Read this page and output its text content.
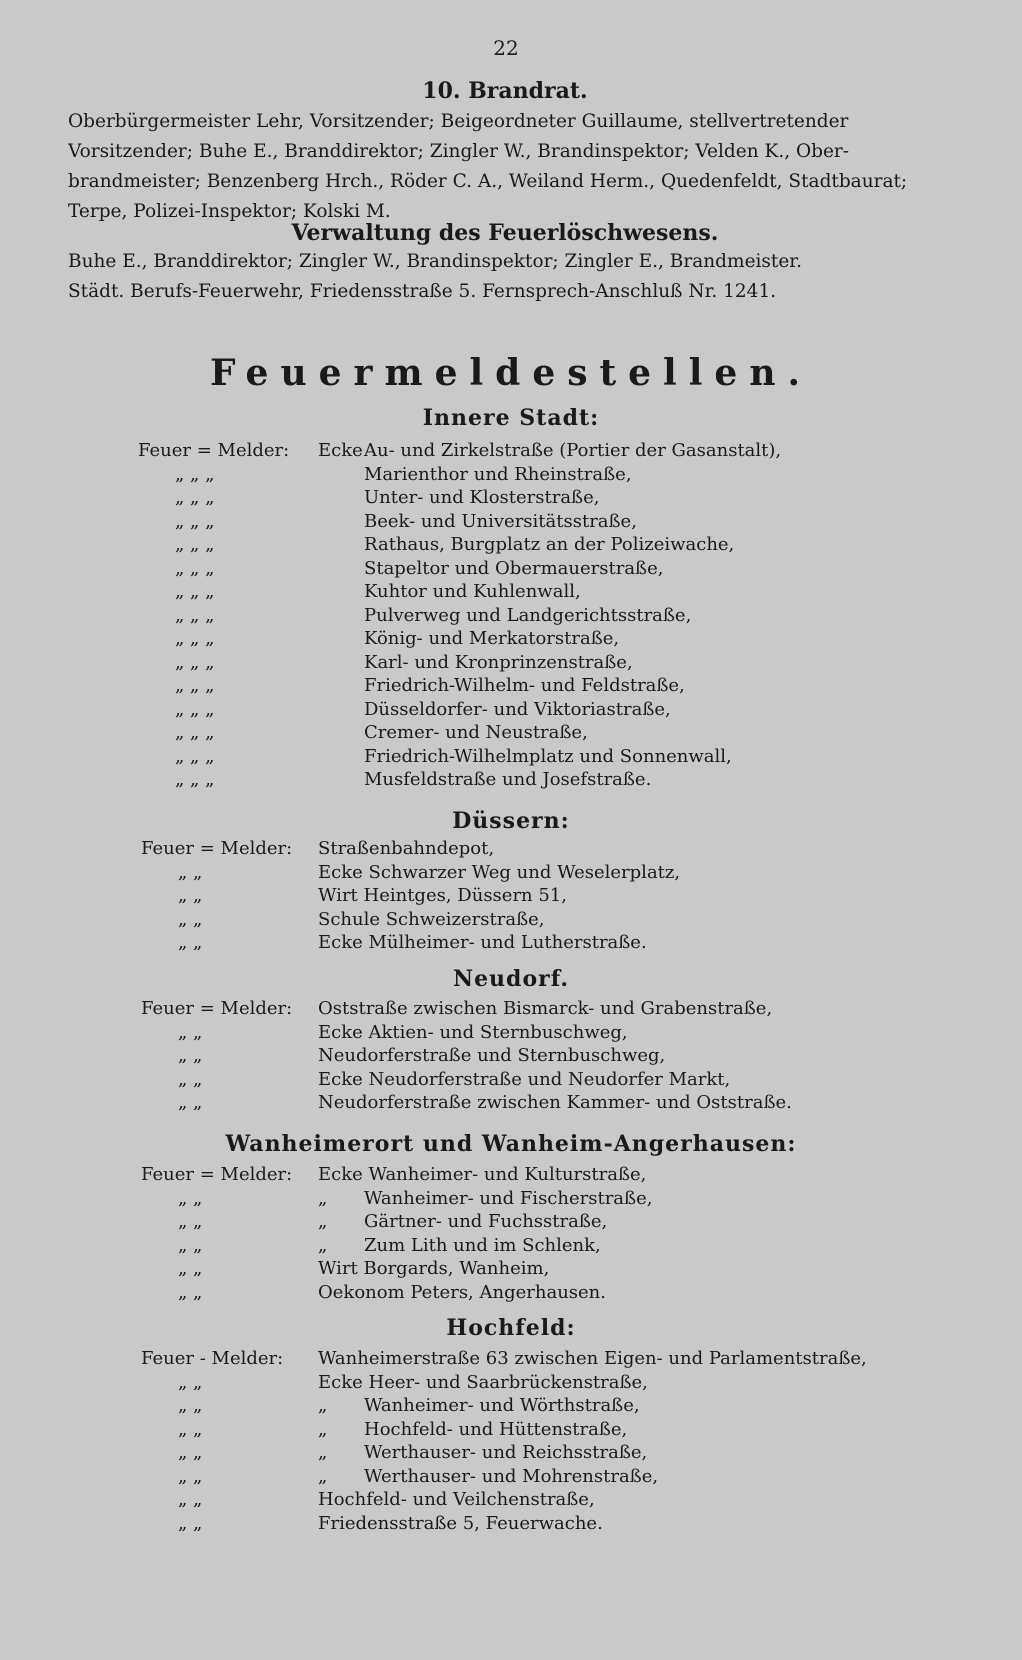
22
10. Brandrat.
Oberbürgermeister Lehr, Vorsitzender; Beigeordneter Guillaume, stellvertretender
Vorsitzender; Buhe E., Branddirektor; Zingler W., Brandinspektor; Velden K., Ober-
brandmeister; Benzenberg Hrch., Röder C. A., Weiland Herm., Quedenfeldt, Stadtbaurat;
Terpe, Polizei-Inspektor; Kolski M.
Verwaltung des Feuerlöschwesens.
Buhe E., Branddirektor; Zingler W., Brandinspektor; Zingler E., Brandmeister.
Städt. Berufs-Feuerwehr, Friedensstraße 5. Fernsprech-Anschluß Nr. 1241.
Feuermeldestellen.
Innere Stadt:
Feuer = Melder: Ecke Au- und Zirkelstraße (Portier der Gasanstalt),
„ „ „	Marienthor und Rheinstraße,
„ „ „	Unter- und Klosterstraße,
„ „ „	Beek- und Universitätsstraße,
„ „ „	Rathaus, Burgplatz an der Polizeiwache,
„ „ „	Stapeltor und Obermauerstraße,
„ „ „	Kuhtor und Kuhlenwall,
„ „ „	Pulverweg und Landgerichtsstraße,
„ „ „	König- und Merkatorstraße,
„ „ „	Karl- und Kronprinzenstraße,
„ „ „	Friedrich-Wilhelm- und Feldstraße,
„ „ „	Düsseldorfer- und Viktoriastraße,
„ „ „	Cremer- und Neustraße,
„ „ „	Friedrich-Wilhelmplatz und Sonnenwall,
„ „ „	Musfeldstraße und Josefstraße.
Düssern:
Feuer = Melder: Straßenbahndepot,
„ „	Ecke Schwarzer Weg und Weselerplatz,
„ „	Wirt Heintges, Düssern 51,
„ „	Schule Schweizerstraße,
„ „	Ecke Mülheimer- und Lutherstraße.
Neudorf.
Feuer = Melder: Oststraße zwischen Bismarck- und Grabenstraße,
„ „	Ecke Aktien- und Sternbuschweg,
„ „	Neudorferstraße und Sternbuschweg,
„ „	Ecke Neudorferstraße und Neudorfer Markt,
„ „	Neudorferstraße zwischen Kammer- und Oststraße.
Wanheimerort und Wanheim-Angerhausen:
Feuer = Melder: Ecke Wanheimer- und Kulturstraße,
„ „	„ Wanheimer- und Fischerstraße,
„ „	„ Gärtner- und Fuchsstraße,
„ „	„ Zum Lith und im Schlenk,
„ „	Wirt Borgards, Wanheim,
„ „	Oekonom Peters, Angerhausen.
Hochfeld:
Feuer - Melder: Wanheimerstraße 63 zwischen Eigen- und Parlamentstraße,
„ „	Ecke Heer- und Saarbrückenstraße,
„ „	„ Wanheimer- und Wörthstraße,
„ „	„ Hochfeld- und Hüttenstraße,
„ „	„ Werthauser- und Reichsstraße,
„ „	„ Werthauser- und Mohrenstraße,
„ „	Hochfeld- und Veilchenstraße,
„ „	Friedensstraße 5, Feuerwache.
